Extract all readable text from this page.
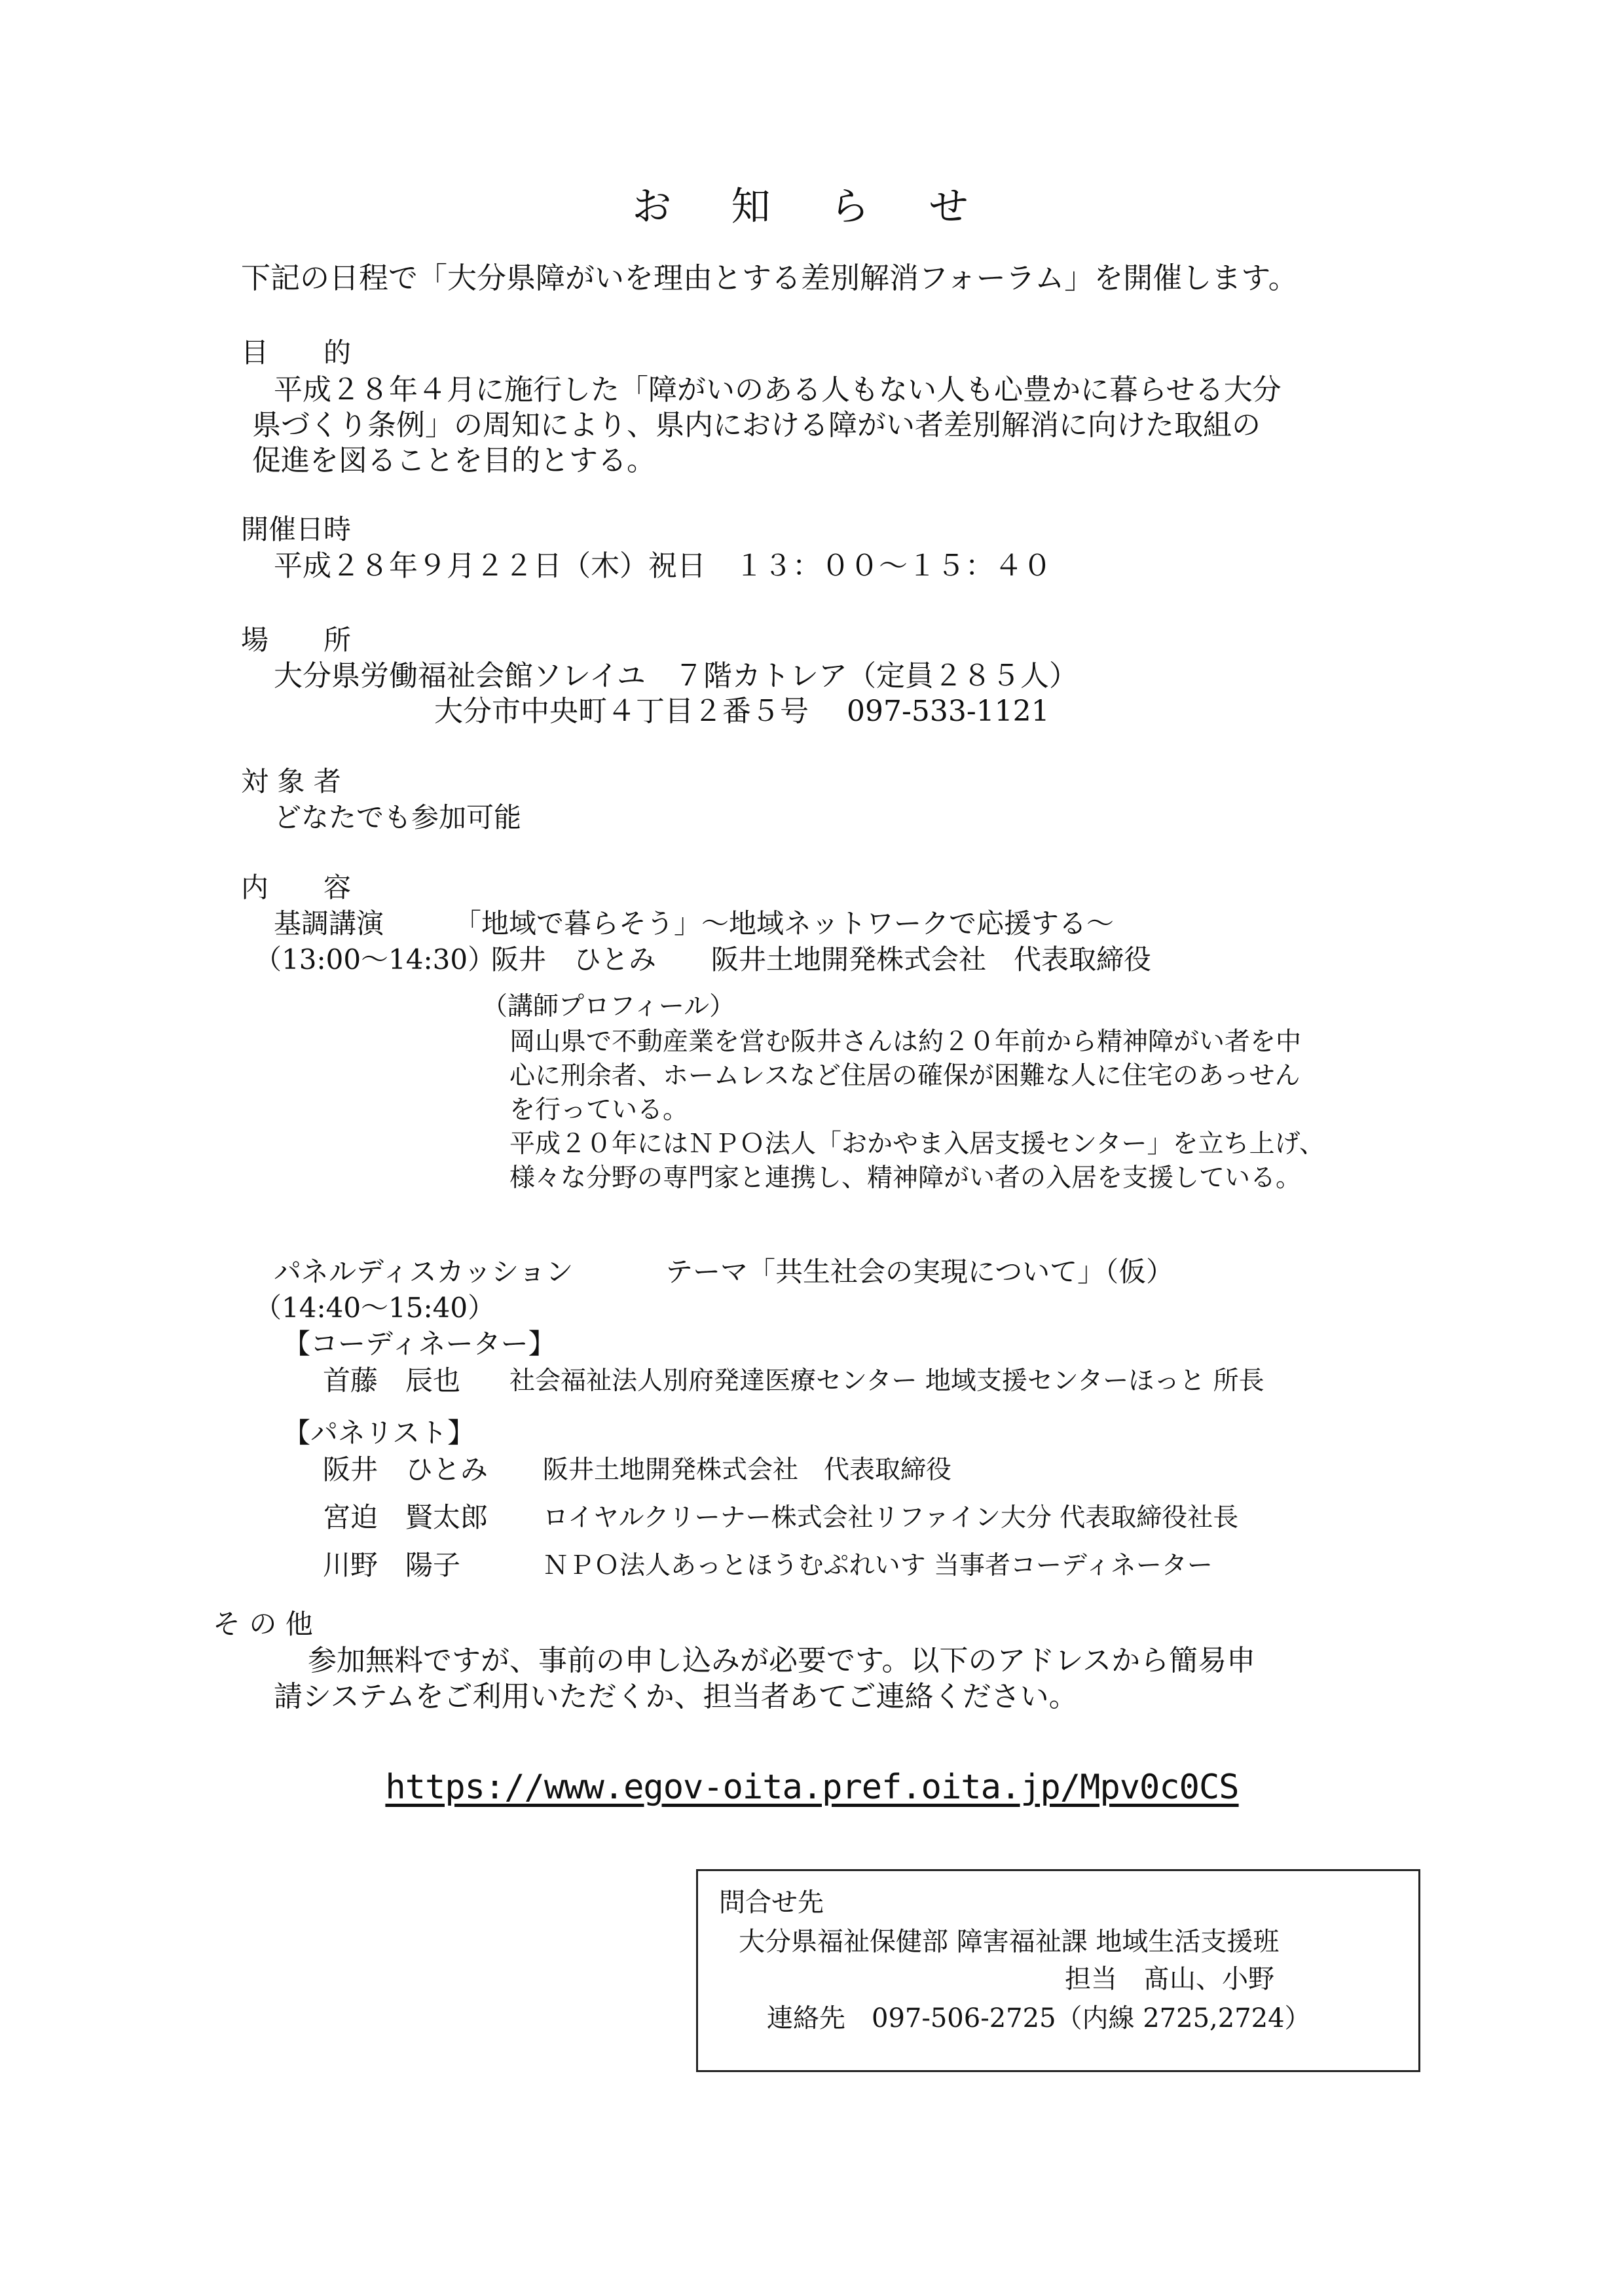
お 知 ら せ
下記の日程で「大分県障がいを理由とする差別解消フォーラム」を開催します。
目　　的
平成２８年４月に施行した「障がいのある人もない人も心豊かに暮らせる大分
県づくり条例」の周知により、県内における障がい者差別解消に向けた取組の
促進を図ることを目的とする。
開催日時
平成２８年９月２２日（木）祝日　１３：００～１５：４０
場　　所
大分県労働福祉会館ソレイユ　７階カトレア（定員２８５人）
大分市中央町４丁目２番５号　 097-533-1121
対 象 者
どなたでも参加可能
内　　容
基調講演	「地域で暮らそう」～地域ネットワークで応援する～
（13:00～14:30）
阪井　ひとみ　　阪井土地開発株式会社　代表取締役
（講師プロフィール）
岡山県で不動産業を営む阪井さんは約２０年前から精神障がい者を中
心に刑余者、ホームレスなど住居の確保が困難な人に住宅のあっせん
を行っている。
平成２０年にはＮＰＯ法人「おかやま入居支援センター」を立ち上げ、
様々な分野の専門家と連携し、精神障がい者の入居を支援している。
パネルディスカッション	テーマ「共生社会の実現について」（仮）
（14:40～15:40）
【コーディネーター】
首藤　辰也 社会福祉法人別府発達医療センター 地域支援センターほっと 所長
【パネリスト】
阪井　ひとみ 阪井土地開発株式会社　代表取締役
宮迫　賢太郎 ロイヤルクリーナー株式会社リファイン大分 代表取締役社長
川野　陽子	ＮＰＯ法人あっとほうむぷれいす 当事者コーディネーター
そ の 他
参加無料ですが、事前の申し込みが必要です。以下のアドレスから簡易申
請システムをご利用いただくか、担当者あてご連絡ください。
https://www.egov-oita.pref.oita.jp/Mpv0c0CS
問合せ先
大分県福祉保健部 障害福祉課 地域生活支援班
担当　髙山、小野
連絡先　097-506-2725（内線 2725,2724）
